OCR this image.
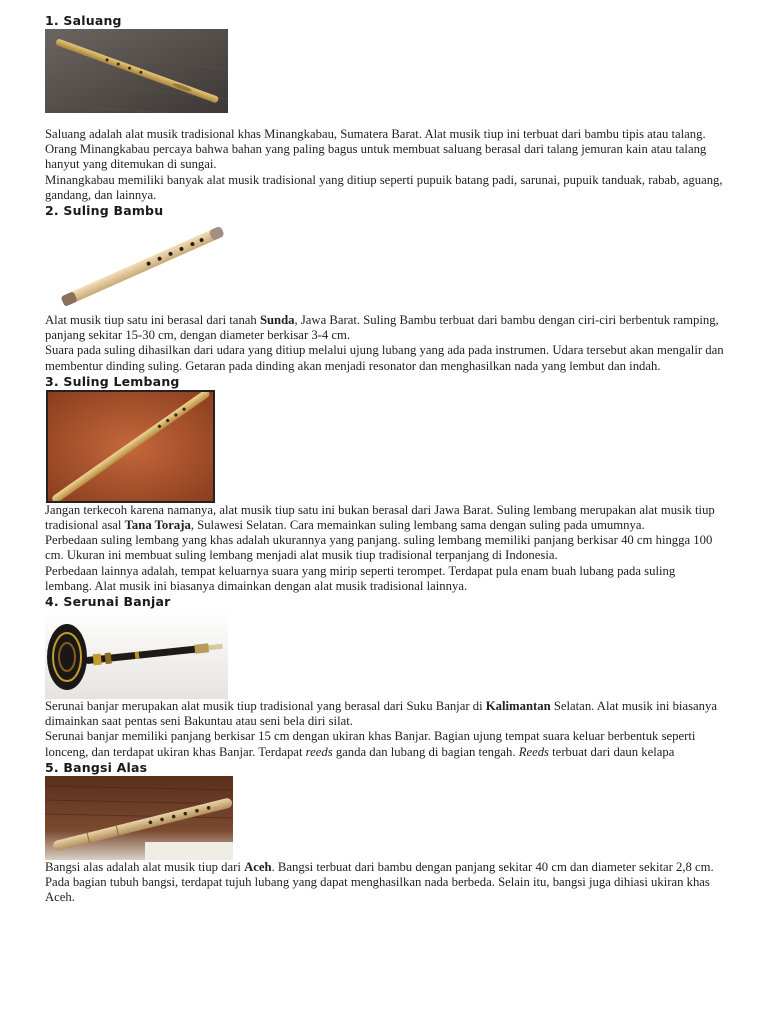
1. Saluang

Saluang adalah alat musik tradisional khas Minangkabau, Sumatera Barat. Alat musik tiup ini terbuat dari bambu tipis atau talang. Orang Minangkabau percaya bahwa bahan yang paling bagus untuk membuat saluang berasal dari talang jemuran kain atau talang hanyut yang ditemukan di sungai.

Minangkabau memiliki banyak alat musik tradisional yang ditiup seperti pupuik batang padi, sarunai, pupuik tanduak, rabab, aguang, gandang, dan lainnya.

2. Suling Bambu

Alat musik tiup satu ini berasal dari tanah Sunda, Jawa Barat. Suling Bambu terbuat dari bambu dengan ciri-ciri berbentuk ramping, panjang sekitar 15-30 cm, dengan diameter berkisar 3-4 cm.

Suara pada suling dihasilkan dari udara yang ditiup melalui ujung lubang yang ada pada instrumen. Udara tersebut akan mengalir dan membentur dinding suling. Getaran pada dinding akan menjadi resonator dan menghasilkan nada yang lembut dan indah.

3. Suling Lembang

Jangan terkecoh karena namanya, alat musik tiup satu ini bukan berasal dari Jawa Barat. Suling lembang merupakan alat musik tiup tradisional asal Tana Toraja, Sulawesi Selatan. Cara memainkan suling lembang sama dengan suling pada umumnya.

Perbedaan suling lembang yang khas adalah ukurannya yang panjang. suling lembang memiliki panjang berkisar 40 cm hingga 100 cm. Ukuran ini membuat suling lembang menjadi alat musik tiup tradisional terpanjang di Indonesia.

Perbedaan lainnya adalah, tempat keluarnya suara yang mirip seperti terompet. Terdapat pula enam buah lubang pada suling lembang. Alat musik ini biasanya dimainkan dengan alat musik tradisional lainnya.

4. Serunai Banjar

Serunai banjar merupakan alat musik tiup tradisional yang berasal dari Suku Banjar di Kalimantan Selatan. Alat musik ini biasanya dimainkan saat pentas seni Bakuntau atau seni bela diri silat.

Serunai banjar memiliki panjang berkisar 15 cm dengan ukiran khas Banjar. Bagian ujung tempat suara keluar berbentuk seperti lonceng, dan terdapat ukiran khas Banjar. Terdapat reeds ganda dan lubang di bagian tengah. Reeds terbuat dari daun kelapa

5. Bangsi Alas

Bangsi alas adalah alat musik tiup dari Aceh. Bangsi terbuat dari bambu dengan panjang sekitar 40 cm dan diameter sekitar 2,8 cm. Pada bagian tubuh bangsi, terdapat tujuh lubang yang dapat menghasilkan nada berbeda. Selain itu, bangsi juga dihiasi ukiran khas Aceh.
